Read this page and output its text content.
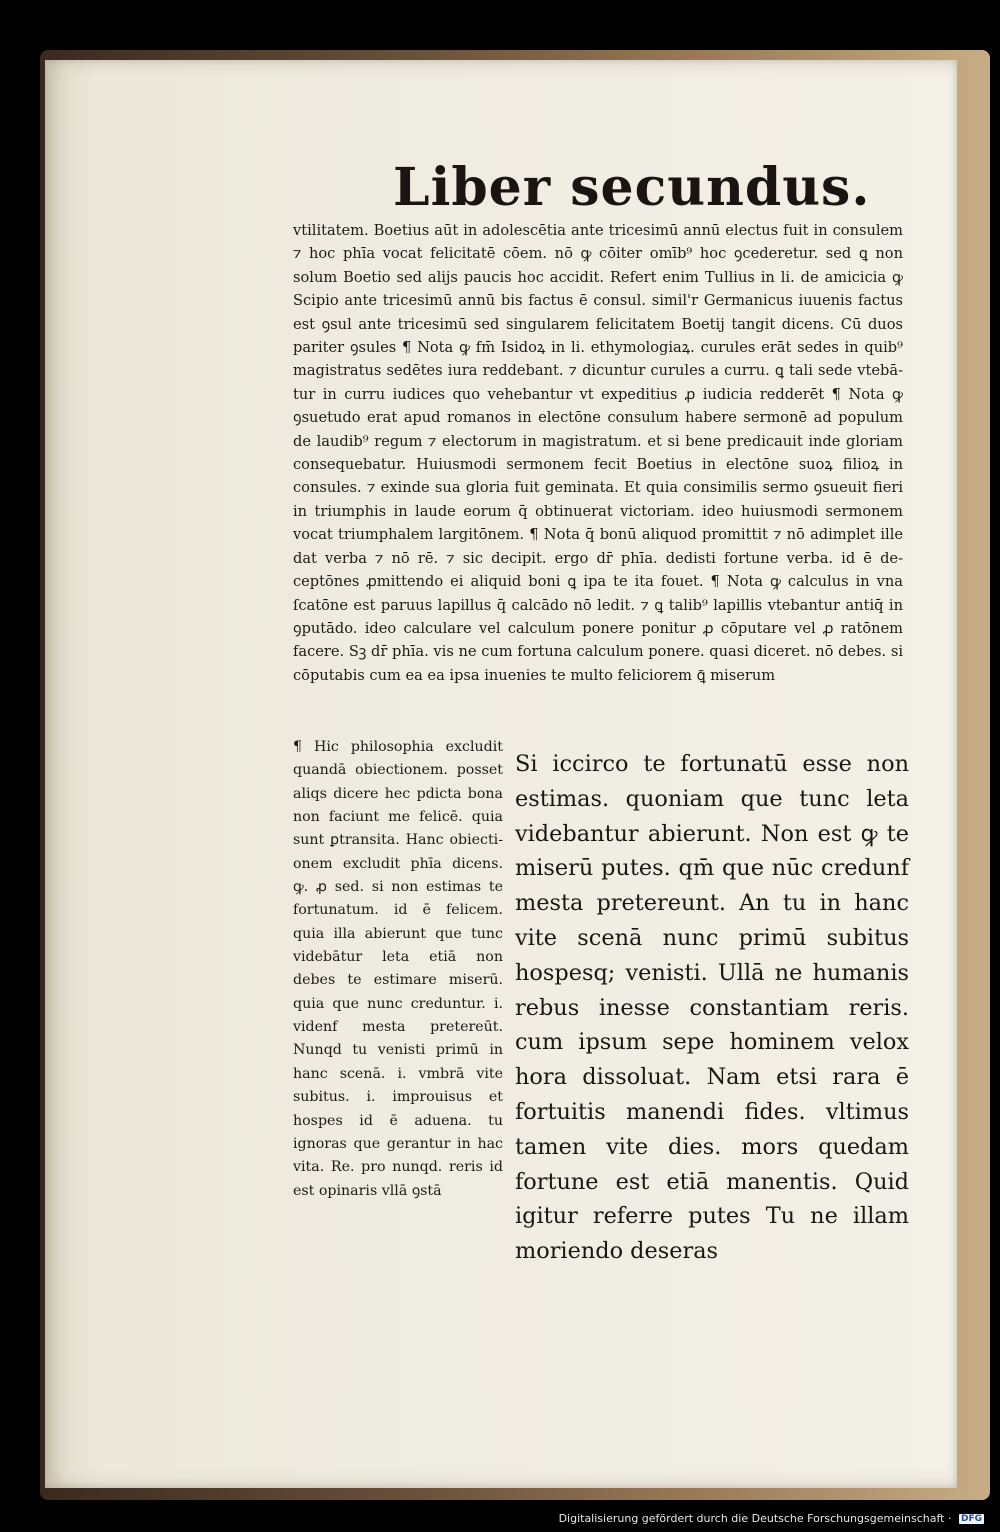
Liber secundus.

vtilitatem. Boetius aūt in adolescētia ante tricesimū annū electus fuit in consulem ⁊ hoc phīa vocat felicitatē cōem. nō ꝙ cōiter omīb⁹ hoc ꝯcederetur. sed ꝗ non solum Boetio sed alijs paucis hoc accidit. Refert enim Tullius in li. de amicicia ꝙ Scipio ante tricesimū annū bis factus ē consul. simil'r Germanicus iuuenis factus est ꝯsul ante tricesimū sed singularem felicitatem Boetij tangit dicens. Cū duos pariter ꝯsules ¶ Nota ꝙ fm̄ Isidoꝝ in li. ethymologiaꝝ. curules erāt sedes in quib⁹ magistratus sedētes iura reddebant. ⁊ dicuntur curules a curru. ꝗ tali sede vtebātur in curru iudices quo vehebantur vt expeditius ꝓ iudicia redderēt ¶ Nota ꝙ ꝯsuetudo erat apud romanos in electōne consulum habere sermonē ad populum de laudib⁹ regum ⁊ electorum in magistratum. et si bene predicauit inde gloriam consequebatur. Huiusmodi sermonem fecit Boetius in electōne suoꝝ filioꝝ in consules. ⁊ exinde sua gloria fuit geminata. Et quia consimilis sermo ꝯsueuit fieri in triumphis in laude eorum q̄ obtinuerat victoriam. ideo huiusmodi sermonem vocat triumphalem largitōnem. ¶ Nota q̄ bonū aliquod promittit ⁊ nō adimplet ille dat verba ⁊ nō rē. ⁊ sic decipit. ergo dr̄ phīa. dedisti fortune verba. id ē deceptōnes ꝓmittendo ei aliquid boni ꝗ ipa te ita fouet. ¶ Nota ꝙ calculus in vna ſcatōne est paruus lapillus q̄ calcādo nō ledit. ⁊ ꝗ talib⁹ lapillis vtebantur antiq̄ in ꝯputādo. ideo calculare vel calculum ponere ponitur ꝓ cōputare vel ꝓ ratōnem facere. Sꝫ dr̄ phīa. vis ne cum fortuna calculum ponere. quasi diceret. nō debes. si cōputabis cum ea ea ipsa inuenies te multo feliciorem ꝗ̄ miserum

¶ Hic philosophia excludit quandā obiectionem. posset aliqs dicere hec pdicta bona non faciunt me felicē. quia sunt ꝑtransita. Hanc obiectionem excludit phīa dicens. ꝙ. ꝓ sed. si non estimas te fortunatum. id ē felicem. quia illa abierunt que tunc videbātur leta etiā non debes te estimare miserū. quia que nunc creduntur. i. videnf mesta preterеūt. Nunqd tu venisti primū in hanc scenā. i. vmbrā vite subitus. i. improuisus et hospes id ē aduena. tu ignoras que gerantur in hac vita. Re. pro nunqd. reris id est opinaris vllā ꝯstā

Si iccirco te fortunatū esse non estimas. quoniam que tunc leta videbantur abierunt. Non est ꝙ te miserū putes. qm̄ que nūc credunf mesta pretereunt. An tu in hanc vite scenā nunc primū subitus hospesq; venisti. Ullā ne humanis rebus inesse constantiam reris. cum ipsum sepe hominem velox hora dissoluat. Nam etsi rara ē fortuitis manendi fides. vltimus tamen vite dies. mors quedam fortune est etiā manentis. Quid igitur referre putes Tu ne illam moriendo deseras

Digitalisierung gefördert durch die Deutsche Forschungsgemeinschaft · DFG
